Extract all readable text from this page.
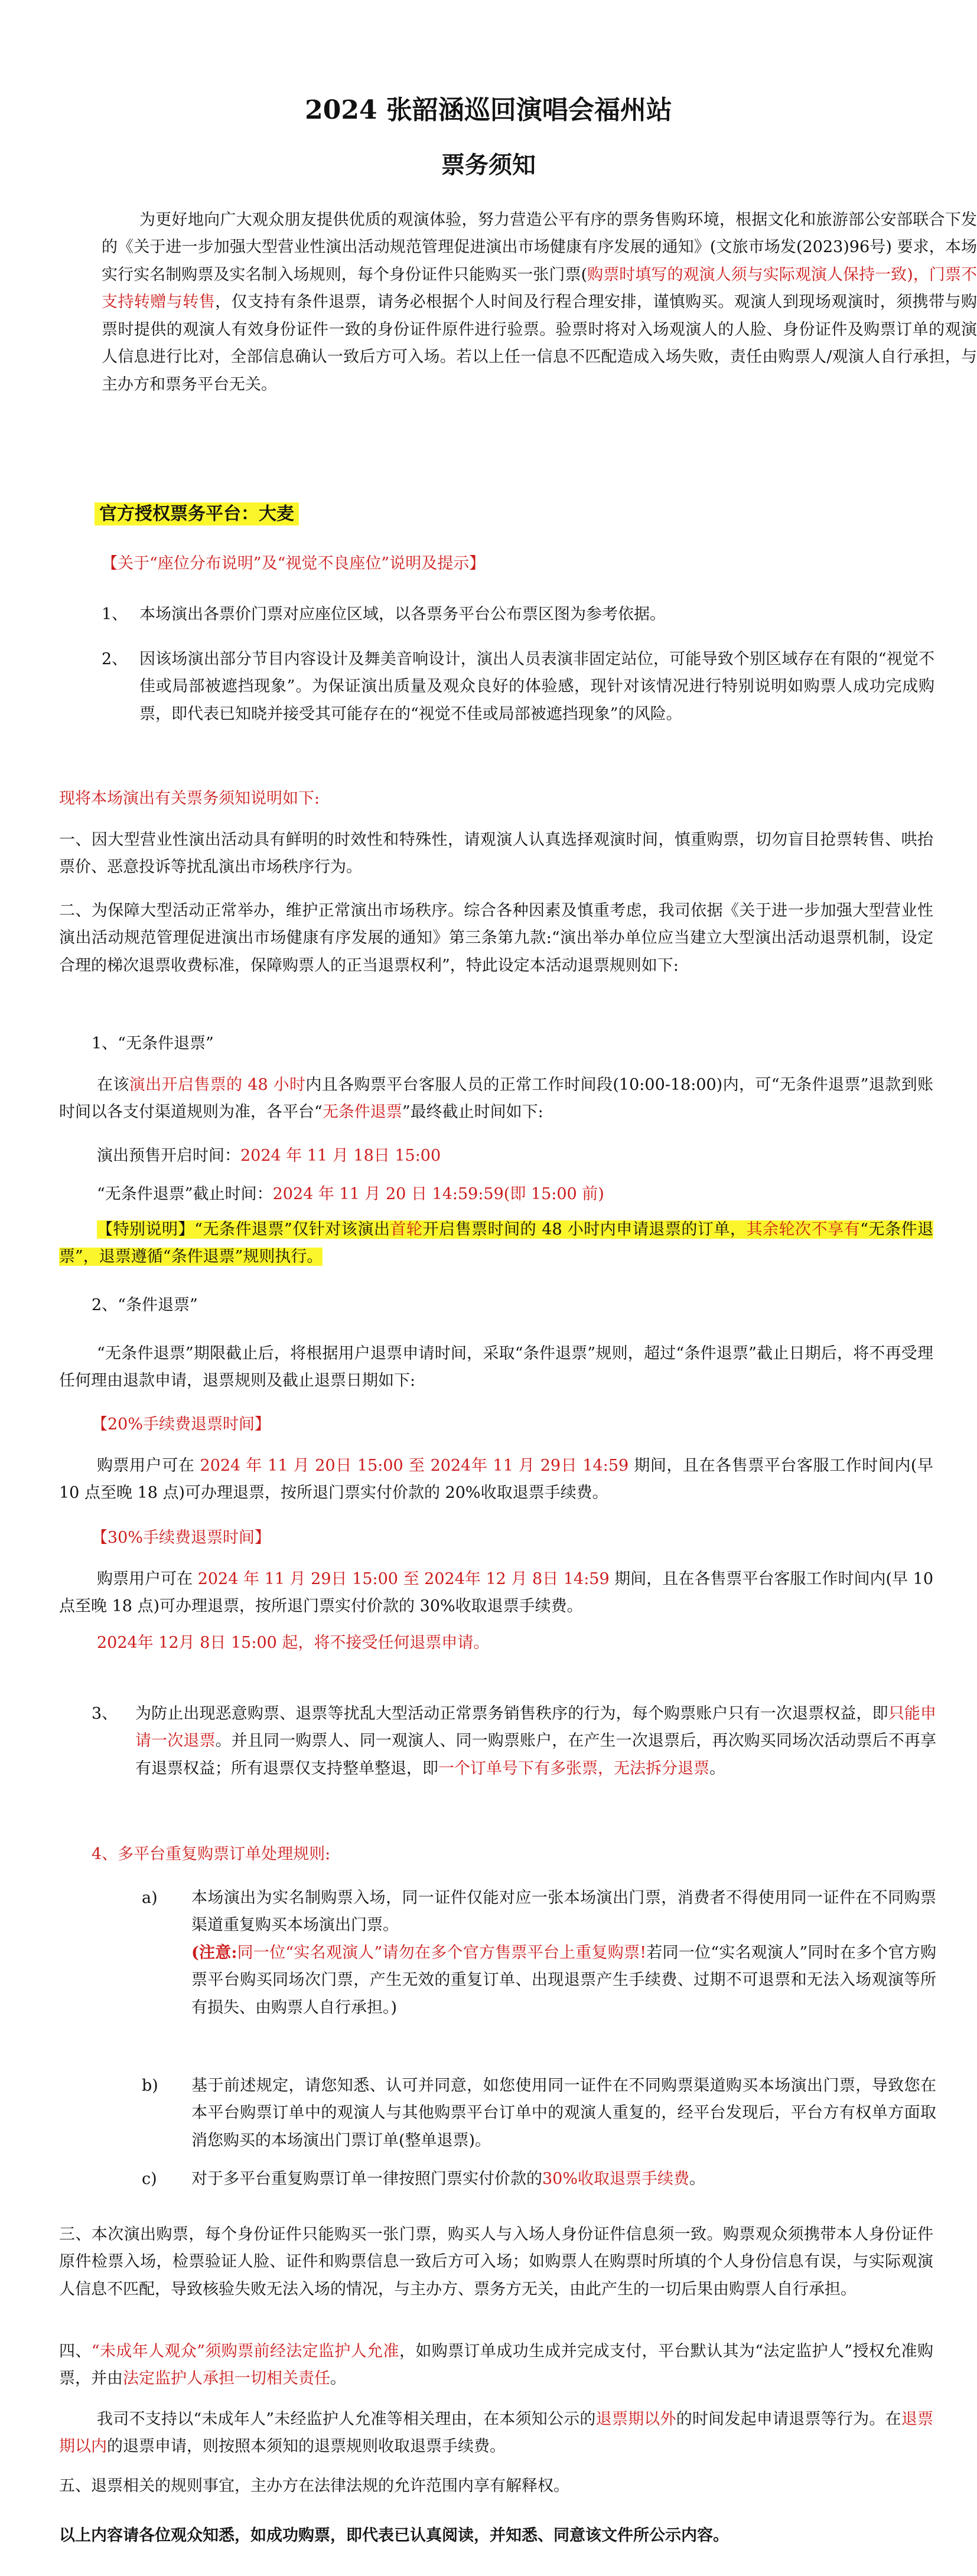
2024 张韶涵巡回演唱会福州站
票务须知

为更好地向广大观众朋友提供优质的观演体验，努力营造公平有序的票务售购环境，根据文化和旅游部公安部联合下发的《关于进一步加强大型营业性演出活动规范管理促进演出市场健康有序发展的通知》(文旅市场发(2023)96号) 要求，本场实行实名制购票及实名制入场规则，每个身份证件只能购买一张门票(购票时填写的观演人须与实际观演人保持一致)，门票不支持转赠与转售，仅支持有条件退票，请务必根据个人时间及行程合理安排，谨慎购买。观演人到现场观演时，须携带与购票时提供的观演人有效身份证件一致的身份证件原件进行验票。验票时将对入场观演人的人脸、身份证件及购票订单的观演人信息进行比对，全部信息确认一致后方可入场。若以上任一信息不匹配造成入场失败，责任由购票人/观演人自行承担，与主办方和票务平台无关。

官方授权票务平台：大麦
【关于“座位分布说明”及“视觉不良座位”说明及提示】
1、 本场演出各票价门票对应座位区域，以各票务平台公布票区图为参考依据。
2、 因该场演出部分节目内容设计及舞美音响设计，演出人员表演非固定站位，可能导致个别区域存在有限的“视觉不佳或局部被遮挡现象”。为保证演出质量及观众良好的体验感，现针对该情况进行特别说明如购票人成功完成购票，即代表已知晓并接受其可能存在的“视觉不佳或局部被遮挡现象”的风险。
现将本场演出有关票务须知说明如下:

一、因大型营业性演出活动具有鲜明的时效性和特殊性，请观演人认真选择观演时间，慎重购票，切勿盲目抢票转售、哄抬票价、恶意投诉等扰乱演出市场秩序行为。

二、为保障大型活动正常举办，维护正常演出市场秩序。综合各种因素及慎重考虑，我司依据《关于进一步加强大型营业性演出活动规范管理促进演出市场健康有序发展的通知》第三条第九款:“演出举办单位应当建立大型演出活动退票机制，设定合理的梯次退票收费标准，保障购票人的正当退票权利”，特此设定本活动退票规则如下:

1、“无条件退票”

在该演出开启售票的 48 小时内且各购票平台客服人员的正常工作时间段(10:00-18:00)内，可“无条件退票”退款到账时间以各支付渠道规则为准，各平台“无条件退票”最终截止时间如下:

演出预售开启时间：2024 年 11 月 18日 15:00
“无条件退票”截止时间：2024 年 11 月 20 日 14:59:59(即 15:00 前)

【特别说明】“无条件退票”仅针对该演出首轮开启售票时间的 48 小时内申请退票的订单，其余轮次不享有“无条件退票”，退票遵循“条件退票”规则执行。

2、“条件退票”

“无条件退票”期限截止后，将根据用户退票申请时间，采取“条件退票”规则，超过“条件退票”截止日期后，将不再受理任何理由退款申请，退票规则及截止退票日期如下:

【20%手续费退票时间】

购票用户可在 2024 年 11 月 20日 15:00 至 2024年 11 月 29日 14:59 期间，且在各售票平台客服工作时间内(早 10 点至晚 18 点)可办理退票，按所退门票实付价款的 20%收取退票手续费。

【30%手续费退票时间】

购票用户可在 2024 年 11 月 29日 15:00 至 2024年 12 月 8日 14:59 期间，且在各售票平台客服工作时间内(早 10 点至晚 18 点)可办理退票，按所退门票实付价款的 30%收取退票手续费。

2024年 12月 8日 15:00 起，将不接受任何退票申请。
3、 为防止出现恶意购票、退票等扰乱大型活动正常票务销售秩序的行为，每个购票账户只有一次退票权益，即只能申请一次退票。并且同一购票人、同一观演人、同一购票账户，在产生一次退票后，再次购买同场次活动票后不再享有退票权益；所有退票仅支持整单整退，即一个订单号下有多张票，无法拆分退票。
4、多平台重复购票订单处理规则:
a) 本场演出为实名制购票入场，同一证件仅能对应一张本场演出门票，消费者不得使用同一证件在不同购票渠道重复购买本场演出门票。
(注意:同一位“实名观演人”请勿在多个官方售票平台上重复购票!若同一位“实名观演人”同时在多个官方购票平台购买同场次门票，产生无效的重复订单、出现退票产生手续费、过期不可退票和无法入场观演等所有损失、由购票人自行承担。)
b) 基于前述规定，请您知悉、认可并同意，如您使用同一证件在不同购票渠道购买本场演出门票，导致您在本平台购票订单中的观演人与其他购票平台订单中的观演人重复的，经平台发现后，平台方有权单方面取消您购买的本场演出门票订单(整单退票)。
c) 对于多平台重复购票订单一律按照门票实付价款的30%收取退票手续费。

三、本次演出购票，每个身份证件只能购买一张门票，购买人与入场人身份证件信息须一致。购票观众须携带本人身份证件原件检票入场，检票验证人脸、证件和购票信息一致后方可入场；如购票人在购票时所填的个人身份信息有误，与实际观演人信息不匹配，导致核验失败无法入场的情况，与主办方、票务方无关，由此产生的一切后果由购票人自行承担。

四、“未成年人观众”须购票前经法定监护人允准，如购票订单成功生成并完成支付，平台默认其为“法定监护人”授权允准购票，并由法定监护人承担一切相关责任。

我司不支持以“未成年人”未经监护人允准等相关理由，在本须知公示的退票期以外的时间发起申请退票等行为。在退票期以内的退票申请，则按照本须知的退票规则收取退票手续费。

五、退票相关的规则事宜，主办方在法律法规的允许范围内享有解释权。

以上内容请各位观众知悉，如成功购票，即代表已认真阅读，并知悉、同意该文件所公示内容。
